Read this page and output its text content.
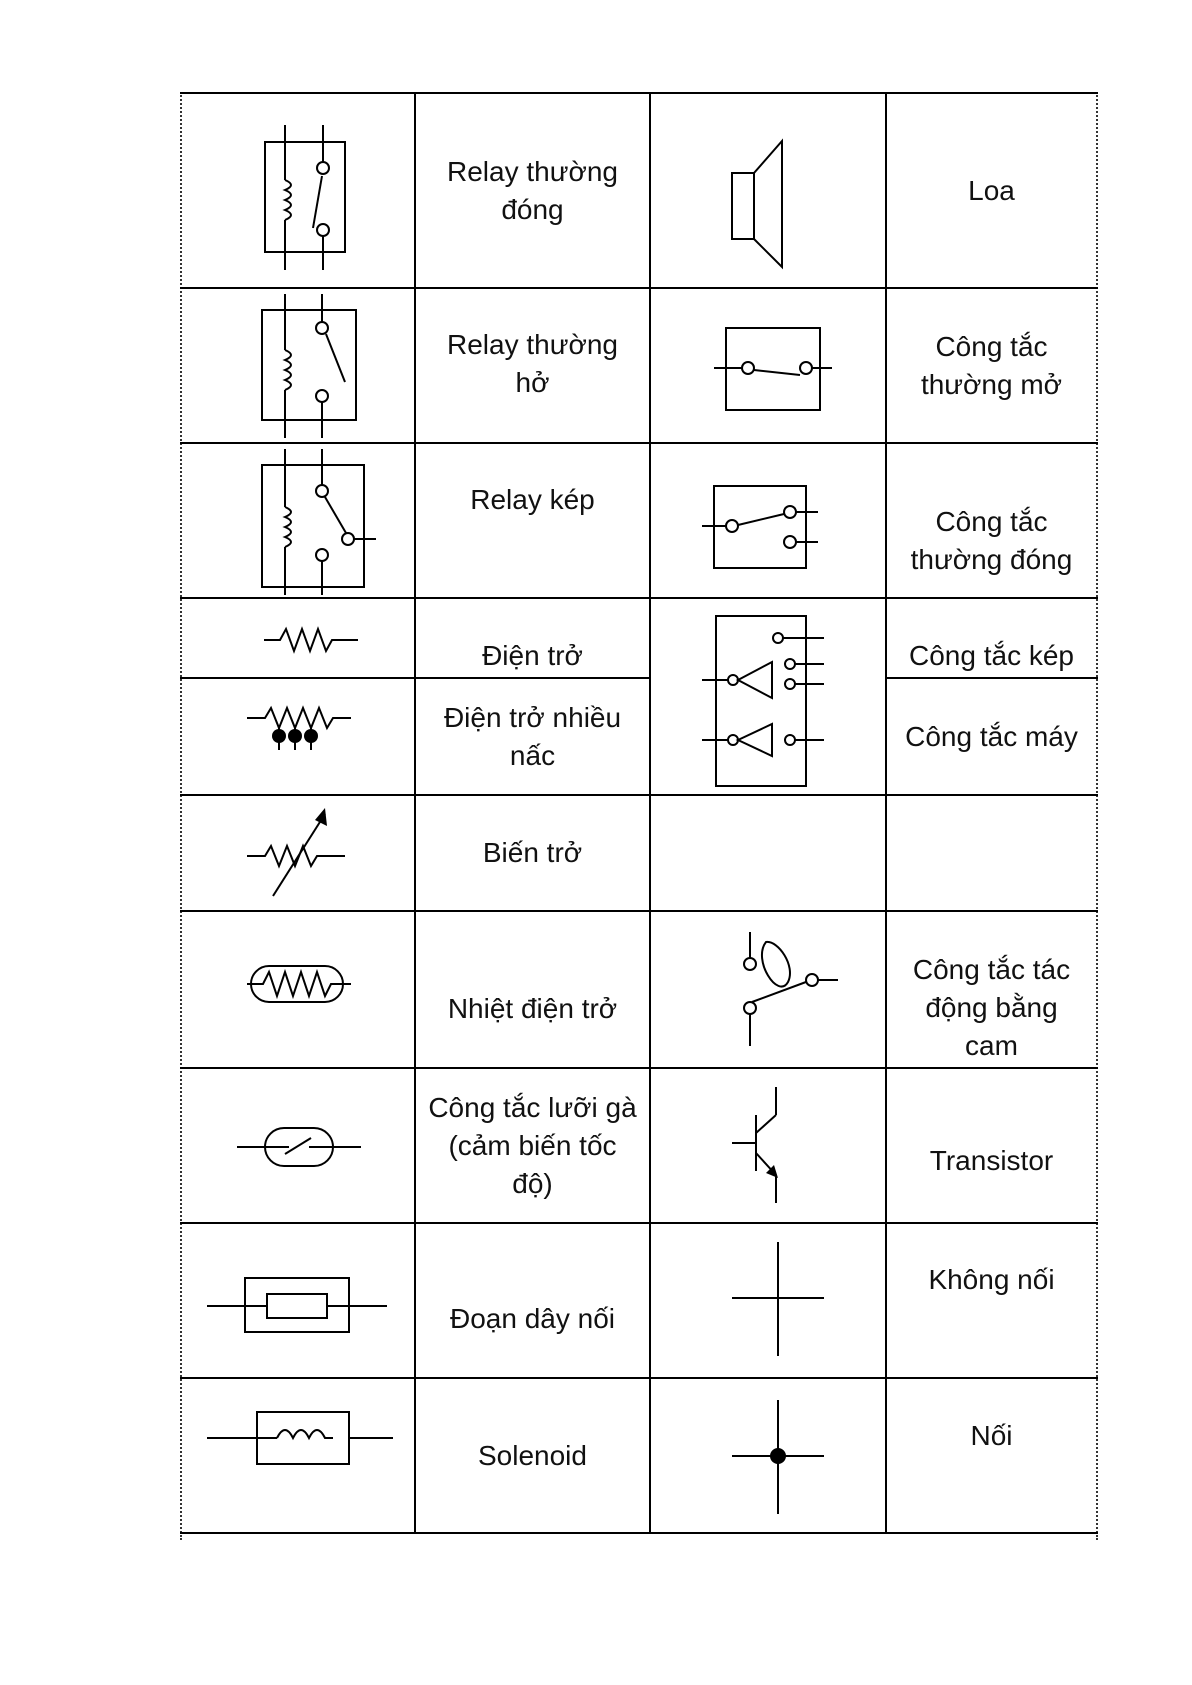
Relay thường
đóng
Loa
Relay thường
hở
Công tắc
thường mở
Relay kép
Công tắc
thường đóng
Điện trở	Công tắc kép
Điện trở nhiều
nấc
Công tắc máy
Biến trở
Nhiệt điện trở
Công tắc tác
động bằng
cam
Công tắc lưỡi gà
(cảm biến tốc
độ)
Transistor
Đoạn dây nối
Không nối
Solenoid
Nối
